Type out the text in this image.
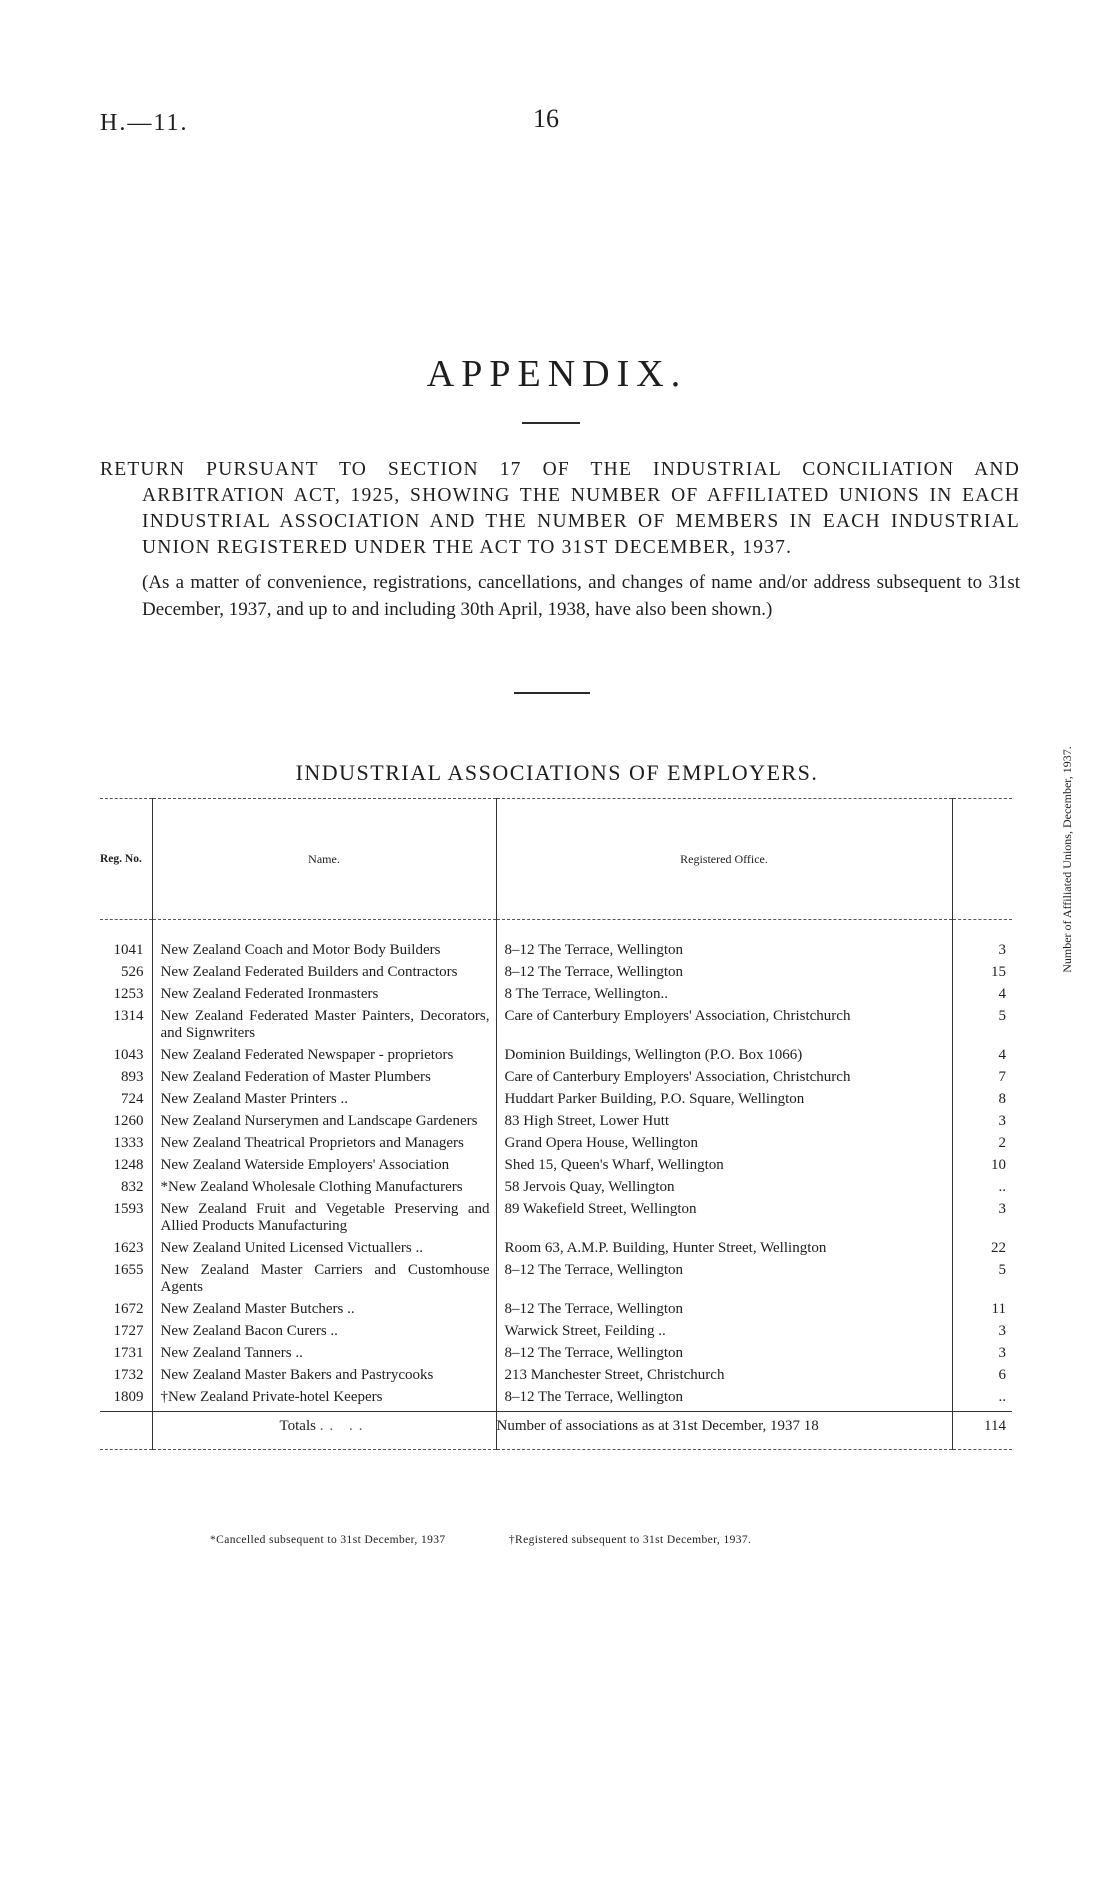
H.—11.	16
APPENDIX.
RETURN PURSUANT TO SECTION 17 OF THE INDUSTRIAL CONCILIATION AND ARBITRATION ACT, 1925, SHOWING THE NUMBER OF AFFILIATED UNIONS IN EACH INDUSTRIAL ASSOCIATION AND THE NUMBER OF MEMBERS IN EACH INDUSTRIAL UNION REGISTERED UNDER THE ACT TO 31ST DECEMBER, 1937.
(As a matter of convenience, registrations, cancellations, and changes of name and/or address subsequent to 31st December, 1937, and up to and including 30th April, 1938, have also been shown.)
INDUSTRIAL ASSOCIATIONS OF EMPLOYERS.
Reg. No.	Name.	Registered Office.	Number of Affiliated Unions, December, 1937.
1041	New Zealand Coach and Motor Body Builders	8–12 The Terrace, Wellington	3
526	New Zealand Federated Builders and Contractors	8–12 The Terrace, Wellington	15
1253	New Zealand Federated Ironmasters	8 The Terrace, Wellington..	4
1314	New Zealand Federated Master Painters, Decorators, and Signwriters	Care of Canterbury Employers' Association, Christchurch	5
1043	New Zealand Federated Newspaper - proprietors	Dominion Buildings, Wellington (P.O. Box 1066)	4
893	New Zealand Federation of Master Plumbers	Care of Canterbury Employers' Association, Christchurch	7
724	New Zealand Master Printers ..	Huddart Parker Building, P.O. Square, Wellington	8
1260	New Zealand Nurserymen and Landscape Gardeners	83 High Street, Lower Hutt	3
1333	New Zealand Theatrical Proprietors and Managers	Grand Opera House, Wellington	2
1248	New Zealand Waterside Employers' Association	Shed 15, Queen's Wharf, Wellington	10
832	*New Zealand Wholesale Clothing Manufacturers	58 Jervois Quay, Wellington	..
1593	New Zealand Fruit and Vegetable Preserving and Allied Products Manufacturing	89 Wakefield Street, Wellington	3
1623	New Zealand United Licensed Victuallers ..	Room 63, A.M.P. Building, Hunter Street, Wellington	22
1655	New Zealand Master Carriers and Customhouse Agents	8–12 The Terrace, Wellington	5
1672	New Zealand Master Butchers ..	8–12 The Terrace, Wellington	11
1727	New Zealand Bacon Curers ..	Warwick Street, Feilding ..	3
1731	New Zealand Tanners ..	8–12 The Terrace, Wellington	3
1732	New Zealand Master Bakers and Pastrycooks	213 Manchester Street, Christchurch	6
1809	†New Zealand Private-hotel Keepers	8–12 The Terrace, Wellington	..
	Totals .. ..	Number of associations as at 31st December, 1937 18	114
*Cancelled subsequent to 31st December, 1937	†Registered subsequent to 31st December, 1937.
